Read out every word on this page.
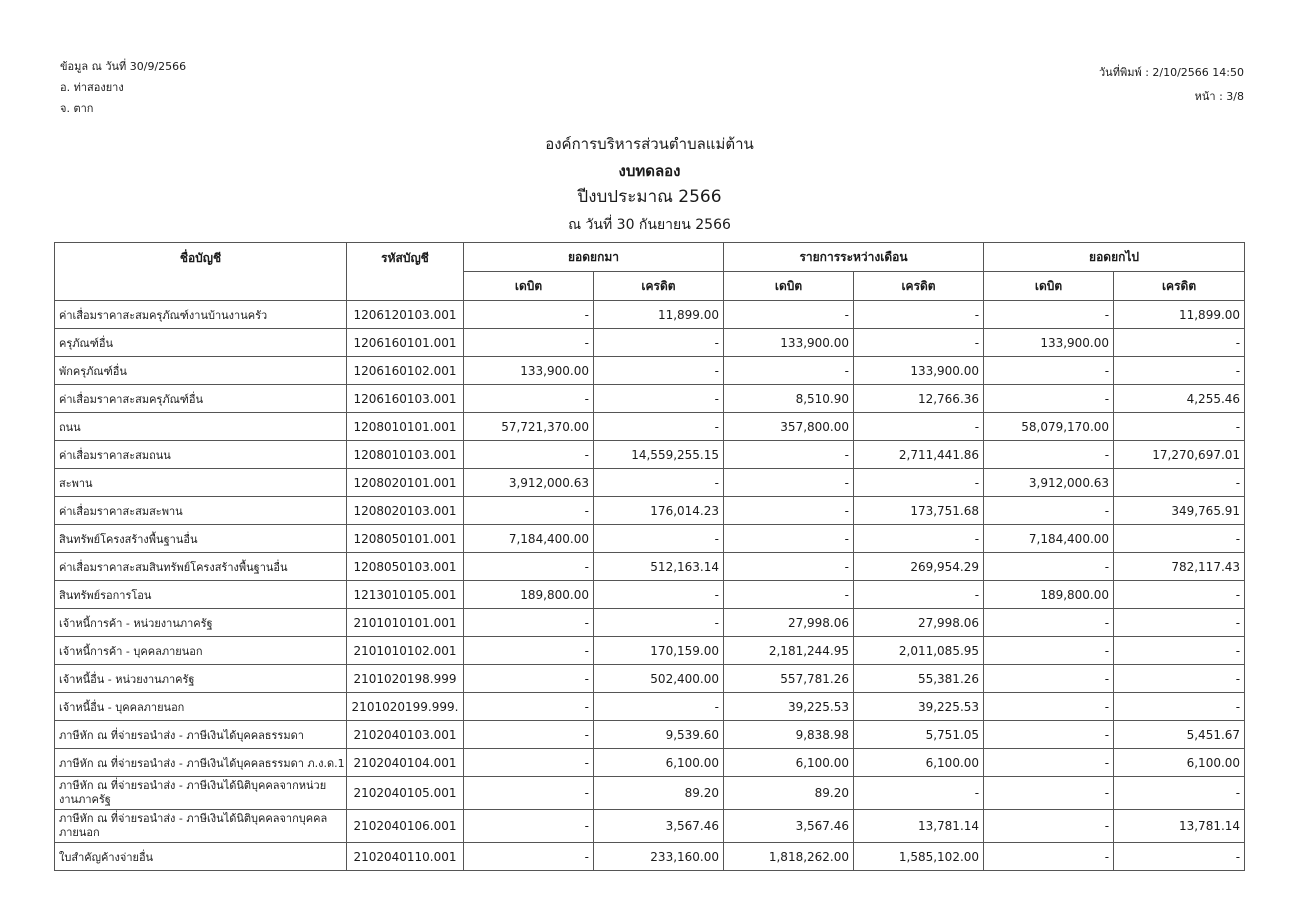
ข้อมูล ณ วันที่ 30/9/2566
อ. ท่าสองยาง
จ. ตาก
วันที่พิมพ์ : 2/10/2566 14:50
หน้า : 3/8
องค์การบริหารส่วนตำบลแม่ต้าน
งบทดลอง
ปีงบประมาณ 2566
ณ วันที่ 30 กันยายน 2566
ชื่อบัญชี	รหัสบัญชี	ยอดยกมา		รายการระหว่างเดือน		ยอดยกไป	
		เดบิต	เครดิต	เดบิต	เครดิต	เดบิต	เครดิต
ค่าเสื่อมราคาสะสมครุภัณฑ์งานบ้านงานครัว	1206120103.001	-	11,899.00	-	-	-	11,899.00
ครุภัณฑ์อื่น	1206160101.001	-	-	133,900.00	-	133,900.00	-
พักครุภัณฑ์อื่น	1206160102.001	133,900.00	-	-	133,900.00	-	-
ค่าเสื่อมราคาสะสมครุภัณฑ์อื่น	1206160103.001	-	-	8,510.90	12,766.36	-	4,255.46
ถนน	1208010101.001	57,721,370.00	-	357,800.00	-	58,079,170.00	-
ค่าเสื่อมราคาสะสมถนน	1208010103.001	-	14,559,255.15	-	2,711,441.86	-	17,270,697.01
สะพาน	1208020101.001	3,912,000.63	-	-	-	3,912,000.63	-
ค่าเสื่อมราคาสะสมสะพาน	1208020103.001	-	176,014.23	-	173,751.68	-	349,765.91
สินทรัพย์โครงสร้างพื้นฐานอื่น	1208050101.001	7,184,400.00	-	-	-	7,184,400.00	-
ค่าเสื่อมราคาสะสมสินทรัพย์โครงสร้างพื้นฐานอื่น	1208050103.001	-	512,163.14	-	269,954.29	-	782,117.43
สินทรัพย์รอการโอน	1213010105.001	189,800.00	-	-	-	189,800.00	-
เจ้าหนี้การค้า - หน่วยงานภาครัฐ	2101010101.001	-	-	27,998.06	27,998.06	-	-
เจ้าหนี้การค้า - บุคคลภายนอก	2101010102.001	-	170,159.00	2,181,244.95	2,011,085.95	-	-
เจ้าหนี้อื่น - หน่วยงานภาครัฐ	2101020198.999	-	502,400.00	557,781.26	55,381.26	-	-
เจ้าหนี้อื่น - บุคคลภายนอก	2101020199.999.	-	-	39,225.53	39,225.53	-	-
ภาษีหัก ณ ที่จ่ายรอนำส่ง - ภาษีเงินได้บุคคลธรรมดา	2102040103.001	-	9,539.60	9,838.98	5,751.05	-	5,451.67
ภาษีหัก ณ ที่จ่ายรอนำส่ง - ภาษีเงินได้บุคคลธรรมดา ภ.ง.ด.1	2102040104.001	-	6,100.00	6,100.00	6,100.00	-	6,100.00
ภาษีหัก ณ ที่จ่ายรอนำส่ง - ภาษีเงินได้นิติบุคคลจากหน่วยงานภาครัฐ	2102040105.001	-	89.20	89.20	-	-	-
ภาษีหัก ณ ที่จ่ายรอนำส่ง - ภาษีเงินได้นิติบุคคลจากบุคคลภายนอก	2102040106.001	-	3,567.46	3,567.46	13,781.14	-	13,781.14
ใบสำคัญค้างจ่ายอื่น	2102040110.001	-	233,160.00	1,818,262.00	1,585,102.00	-	-
